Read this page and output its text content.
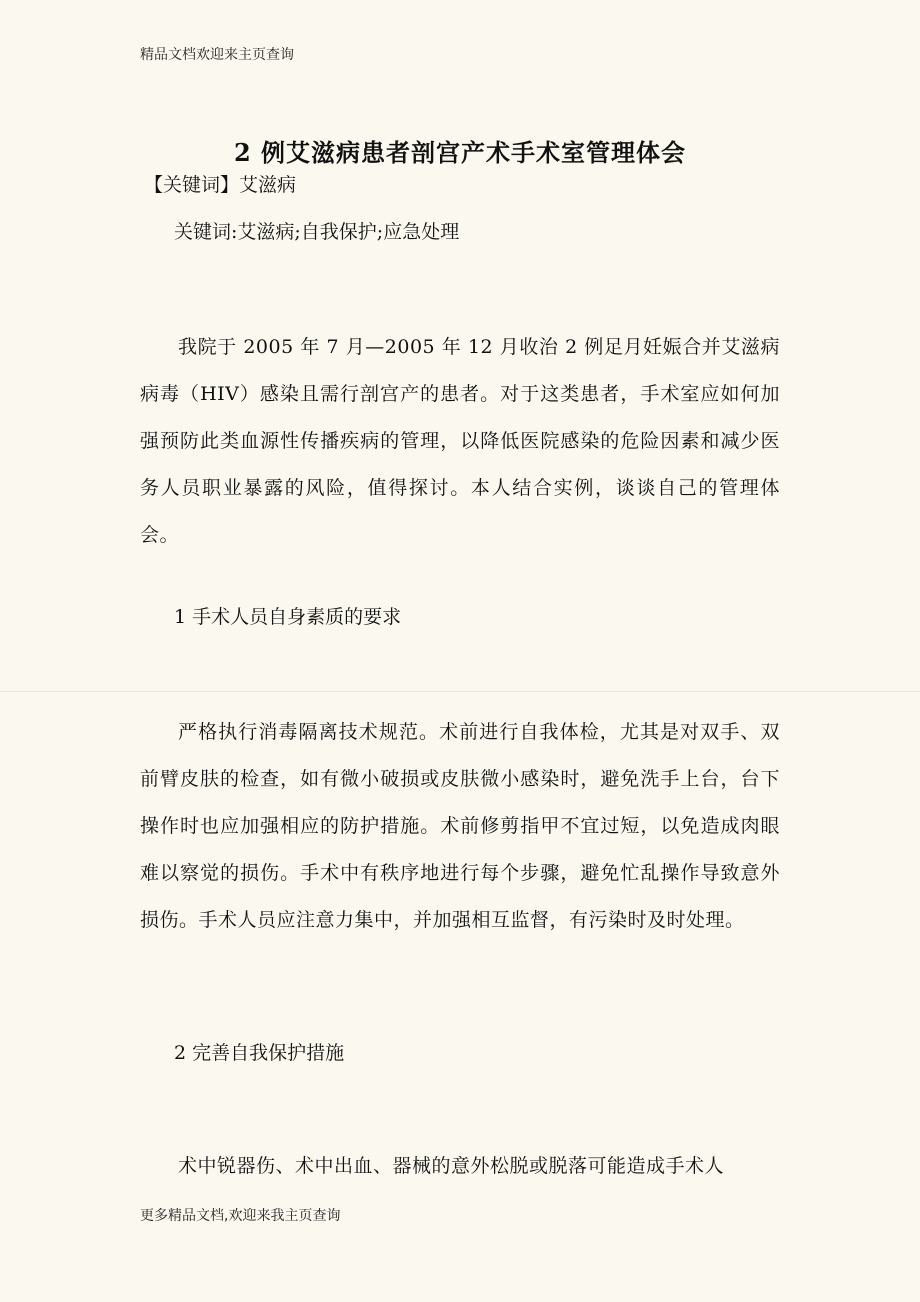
精品文档欢迎来主页查询
2 例艾滋病患者剖宫产术手术室管理体会
【关键词】艾滋病
关键词:艾滋病;自我保护;应急处理

我院于 2005 年 7 月—2005 年 12 月收治 2 例足月妊娠合并艾滋病病毒（HIV）感染且需行剖宫产的患者。对于这类患者，手术室应如何加强预防此类血源性传播疾病的管理，以降低医院感染的危险因素和减少医务人员职业暴露的风险，值得探讨。本人结合实例，谈谈自己的管理体会。

1 手术人员自身素质的要求

严格执行消毒隔离技术规范。术前进行自我体检，尤其是对双手、双前臂皮肤的检查，如有微小破损或皮肤微小感染时，避免洗手上台，台下操作时也应加强相应的防护措施。术前修剪指甲不宜过短，以免造成肉眼难以察觉的损伤。手术中有秩序地进行每个步骤，避免忙乱操作导致意外损伤。手术人员应注意力集中，并加强相互监督，有污染时及时处理。

2 完善自我保护措施

术中锐器伤、术中出血、器械的意外松脱或脱落可能造成手术人

更多精品文档,欢迎来我主页查询
